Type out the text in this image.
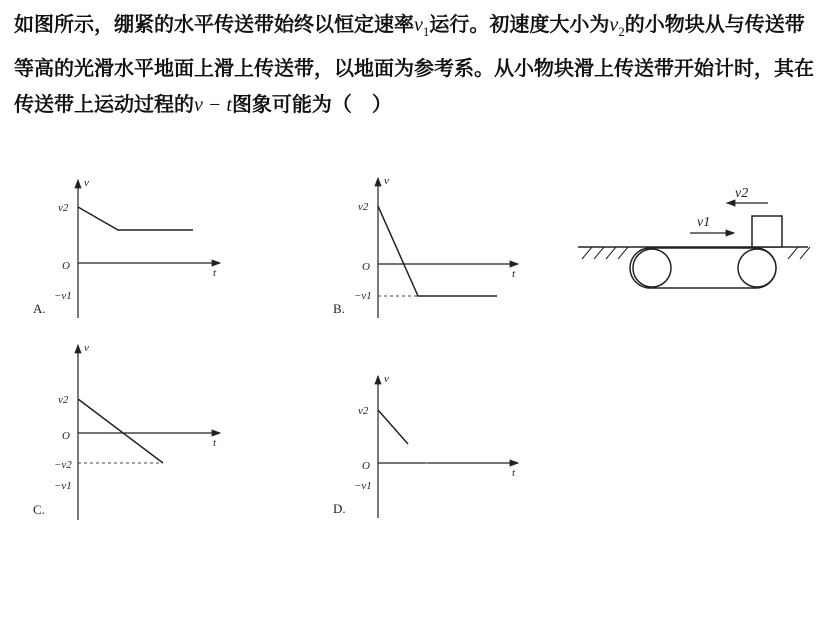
如图所示，绷紧的水平传送带始终以恒定速率$v_1$运行。初速度大小为$v_2$的小物块从与传送带等高的光滑水平地面上滑上传送带，以地面为参考系。从小物块滑上传送带开始计时，其在传送带上运动过程的v − t图象可能为（　）
v
t
O
v2
−v1
A.
v
t
O
v2
−v1
B.
v
t
O
v2
−v2
−v1
C.
v
t
O
v2
−v1
D.
v2
v1
